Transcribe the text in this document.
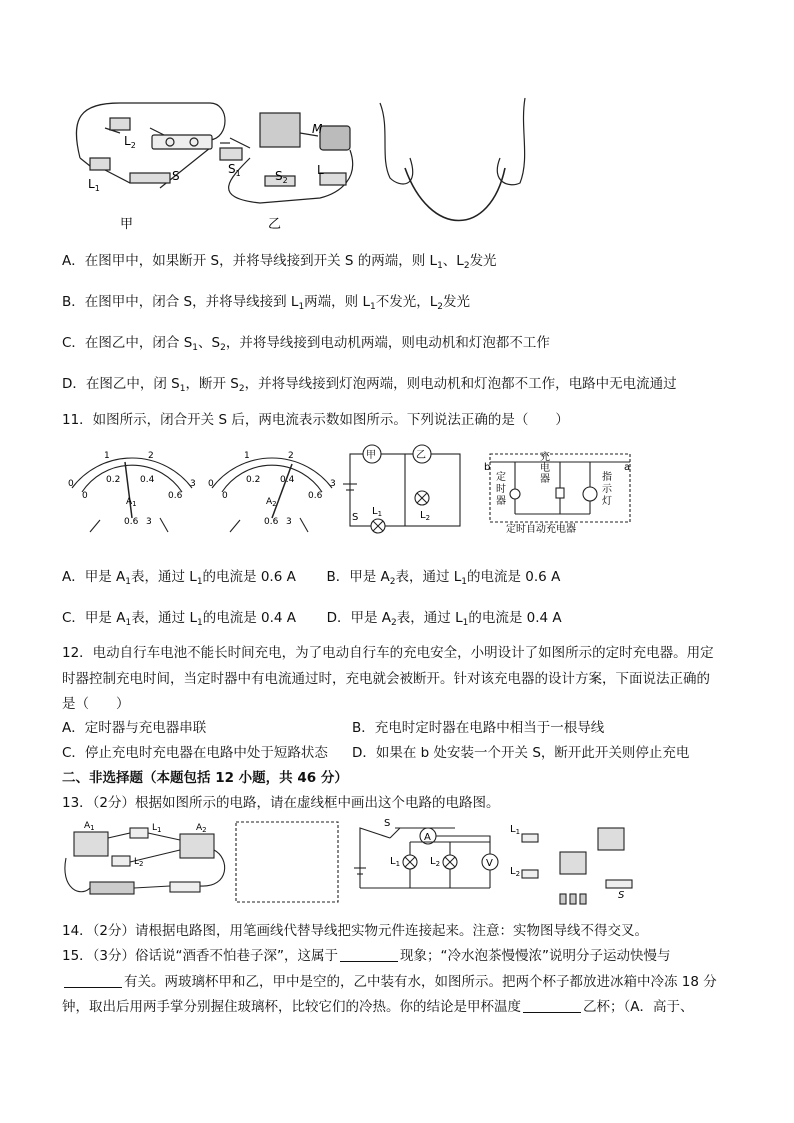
$L_2$
$L_1$
S
M
$S_1$	$S_2$
L
甲	乙
A．在图甲中，如果断开 S，并将导线接到开关 S 的两端，则 $L_1$、$L_2$发光
B．在图甲中，闭合 S，并将导线接到 $L_1$两端，则 $L_1$不发光，$L_2$发光
C．在图乙中，闭合 $S_1$、$S_2$，并将导线接到电动机两端，则电动机和灯泡都不工作
D．在图乙中，闭 $S_1$，断开 $S_2$，并将导线接到灯泡两端，则电动机和灯泡都不工作，电路中无电流通过
11．如图所示，闭合开关 S 后，两电流表示数如图所示。下列说法正确的是（　　）
1	2
0	3
0
0.2 0.4
0.6
$A_1$
0.6 3
1	2
0	3
0
0.2 0.4
0.6
$A_2$
0.6 3
甲	乙
S
$L_1$	$L_2$
b	a
充
电
器
定
时
器
指
示
灯
定时自动充电器
A．甲是 $A_1$表，通过 $L_1$的电流是 0.6 A B．甲是 $A_2$表，通过 $L_1$的电流是 0.6 A
C．甲是 $A_1$表，通过 $L_1$的电流是 0.4 A D．甲是 $A_2$表，通过 $L_1$的电流是 0.4 A
12．电动自行车电池不能长时间充电，为了电动自行车的充电安全，小明设计了如图所示的定时充电器。用定
时器控制充电时间，当定时器中有电流通过时，充电就会被断开。针对该充电器的设计方案，下面说法正确的
是（　　）
A．定时器与充电器串联	B．充电时定时器在电路中相当于一根导线
C．停止充电时充电器在电路中处于短路状态 D．如果在 b 处安装一个开关 S，断开此开关则停止充电
二、非选择题（本题包括 12 小题，共 46 分）
13．（2分）根据如图所示的电路，请在虚线框中画出这个电路的电路图。
$A_1$	$A_2$
$L_1$
$L_2$
S
A
V
$L_1$	$L_2$
$L_1$
$L_2$
S
14．（2分）请根据电路图，用笔画线代替导线把实物元件连接起来。注意：实物图导线不得交叉。
15．（3分）俗话说“酒香不怕巷子深”，这属于	现象；“冷水泡茶慢慢浓”说明分子运动快慢与
有关。两玻璃杯甲和乙，甲中是空的，乙中装有水，如图所示。把两个杯子都放进冰箱中冷冻 18 分
钟，取出后用两手掌分别握住玻璃杯，比较它们的冷热。你的结论是甲杯温度	乙杯；（A．高于、
